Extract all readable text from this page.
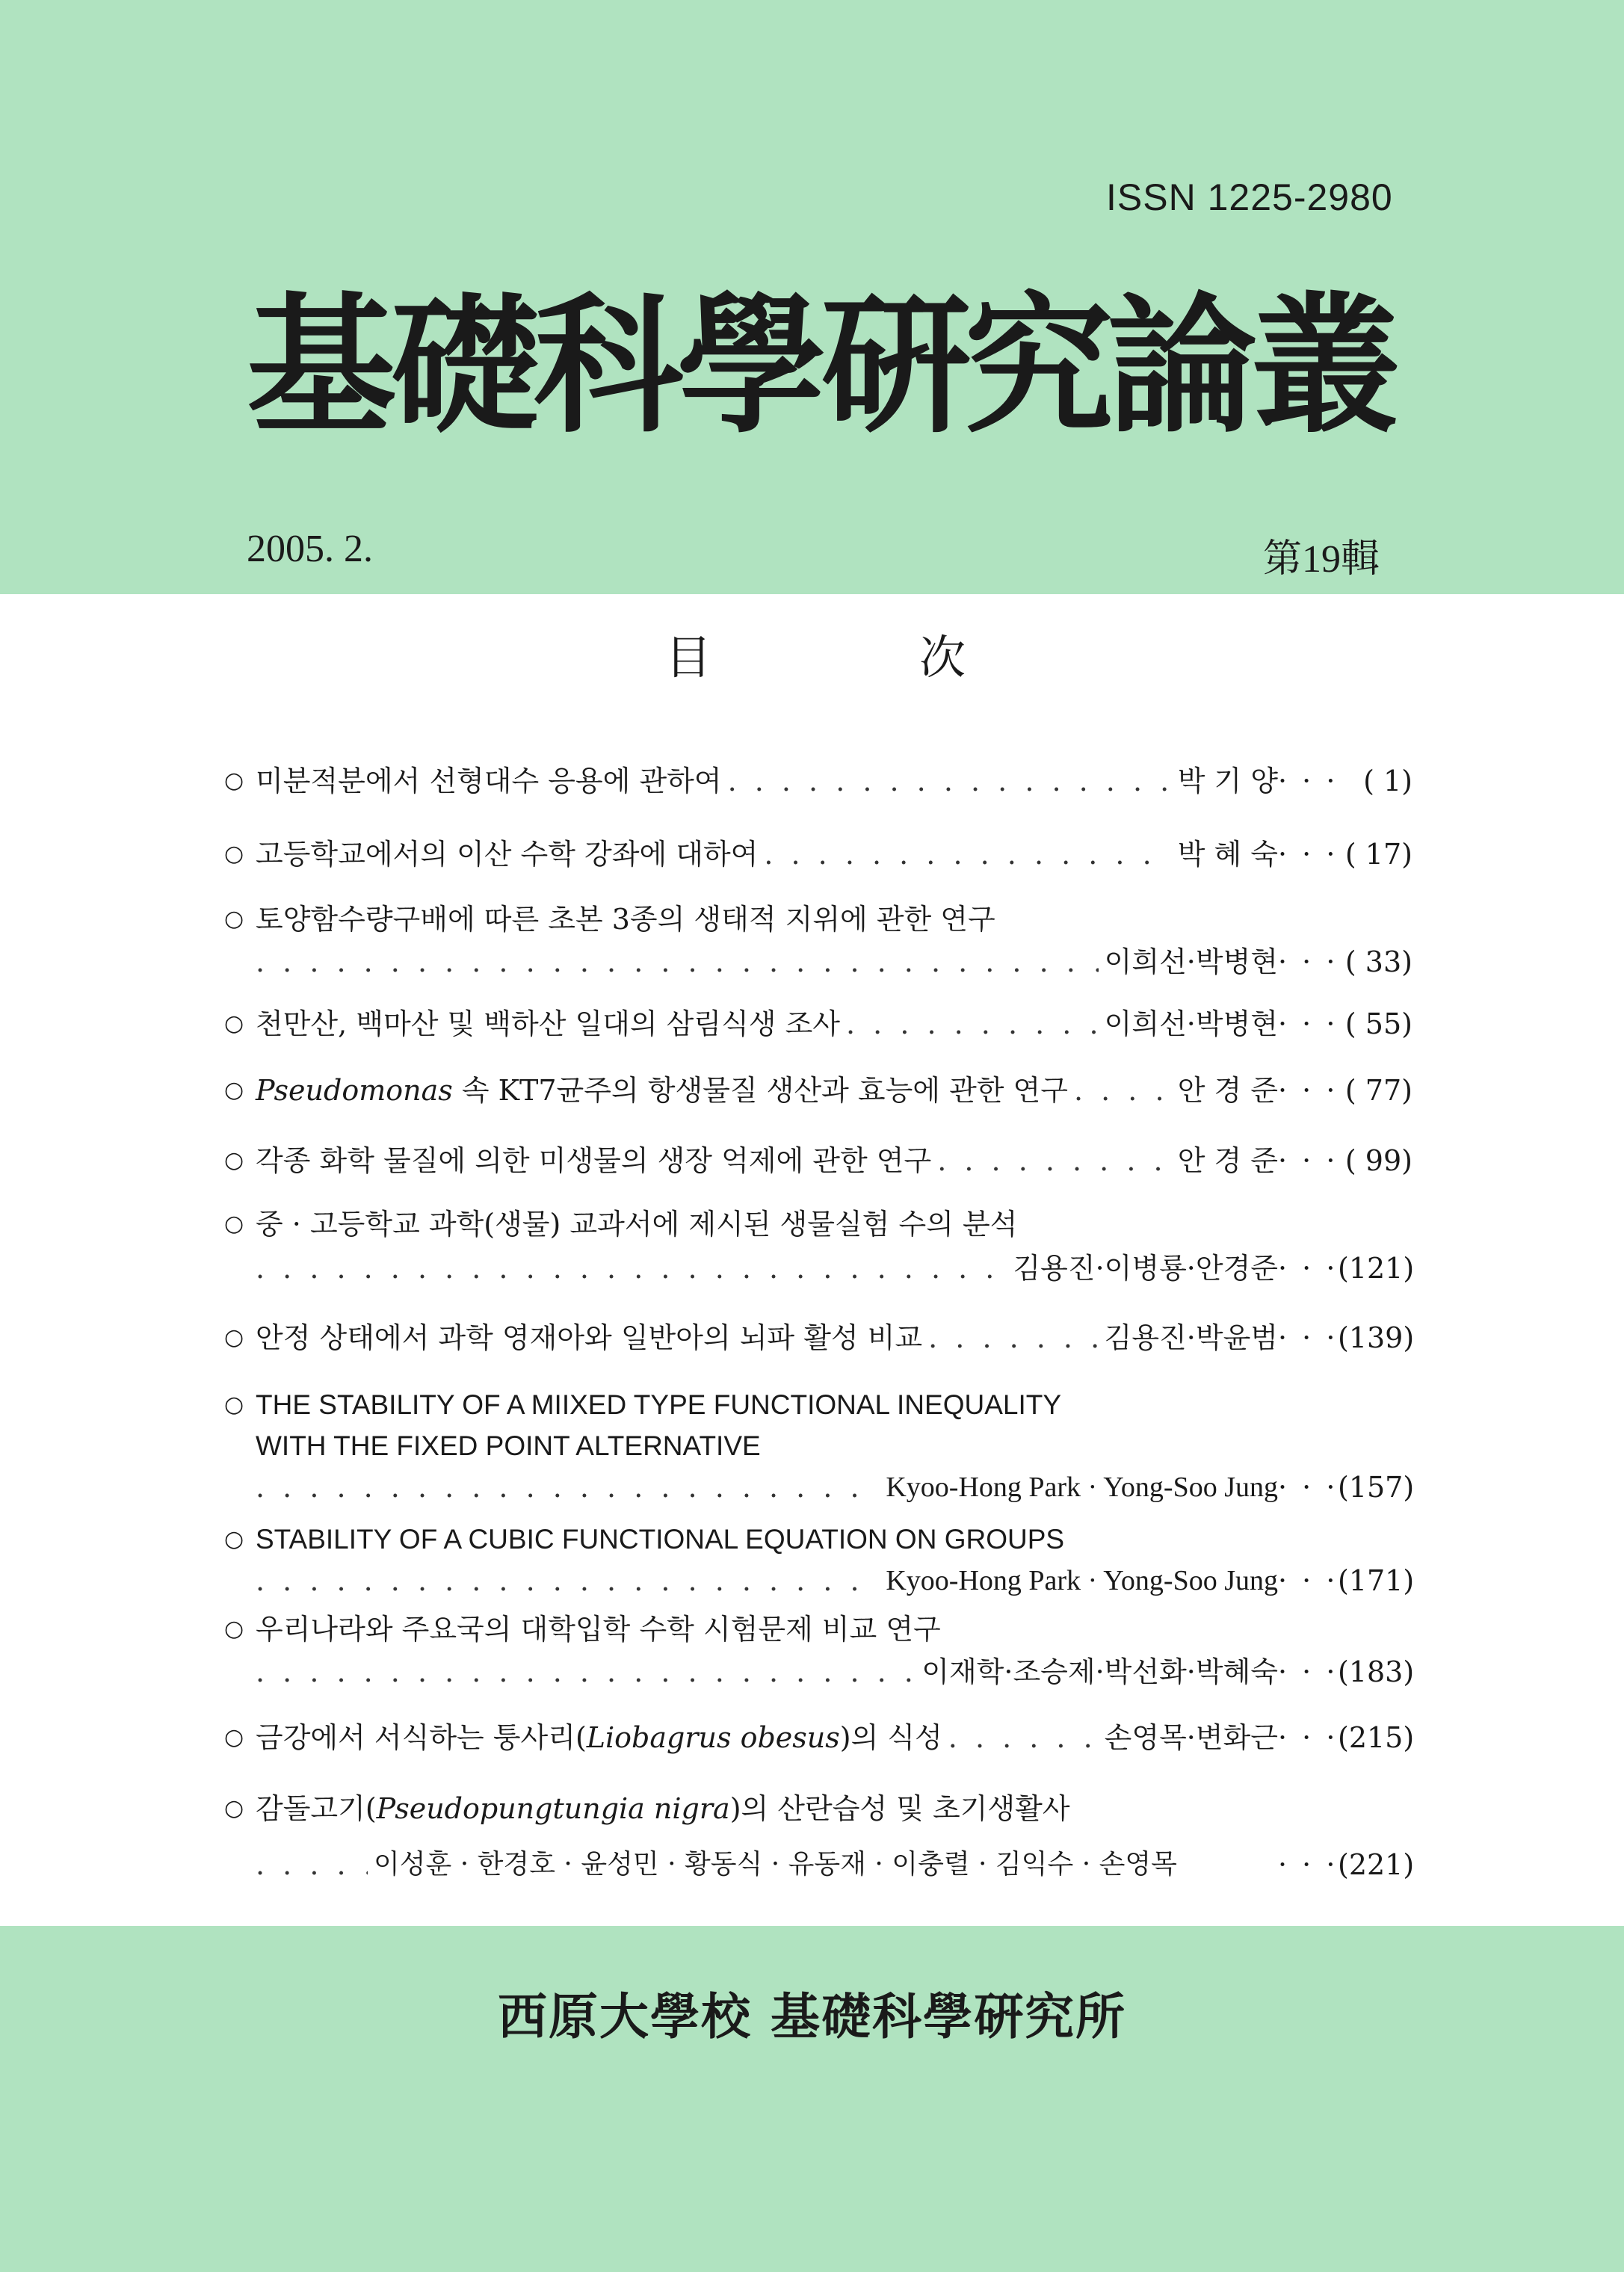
ISSN 1225-2980
基礎科學硏究論叢
2005. 2.	第19輯
目	次
○ 미분적분에서 선형대수 응용에 관하여 . . .	박 기 양 · · · ( 1)
○ 고등학교에서의 이산 수학 강좌에 대하여 . . .	박 혜 숙 · · · ( 17)
○ 토양함수량구배에 따른 초본 3종의 생태적 지위에 관한 연구
. . .
이희선·박병현 · · · ( 33)
○ 천만산, 백마산 및 백하산 일대의 삼림식생 조사 . . .	이희선·박병현 · · · ( 55)
○ Pseudomonas 속 KT7균주의 항생물질 생산과 효능에 관한 연구 . . .	안 경 준 · · · ( 77)
○ 각종 화학 물질에 의한 미생물의 생장 억제에 관한 연구 . . .	안 경 준 · · · ( 99)
○ 중 · 고등학교 과학(생물) 교과서에 제시된 생물실험 수의 분석
. . .
김용진·이병룡·안경준 · · · (121)
○ 안정 상태에서 과학 영재아와 일반아의 뇌파 활성 비교 . . .	김용진·박윤범 · · · (139)
○ THE STABILITY OF A MIIXED TYPE FUNCTIONAL INEQUALITY
WITH THE FIXED POINT ALTERNATIVE
. . .
Kyoo-Hong Park · Yong-Soo Jung · · · (157)
○ STABILITY OF A CUBIC FUNCTIONAL EQUATION ON GROUPS
. . .
Kyoo-Hong Park · Yong-Soo Jung · · · (171)
○ 우리나라와 주요국의 대학입학 수학 시험문제 비교 연구
. . .
이재학·조승제·박선화·박혜숙 · · · (183)
○ 금강에서 서식하는 퉁사리(Liobagrus obesus)의 식성 . . .	손영목·변화근 · · · (215)
○ 감돌고기(Pseudopungtungia nigra)의 산란습성 및 초기생활사
. . .
이성훈 · 한경호 · 윤성민 · 황동식 · 유동재 · 이충렬 · 김익수 · 손영목	· · · (221)
西原大學校 基礎科學硏究所
